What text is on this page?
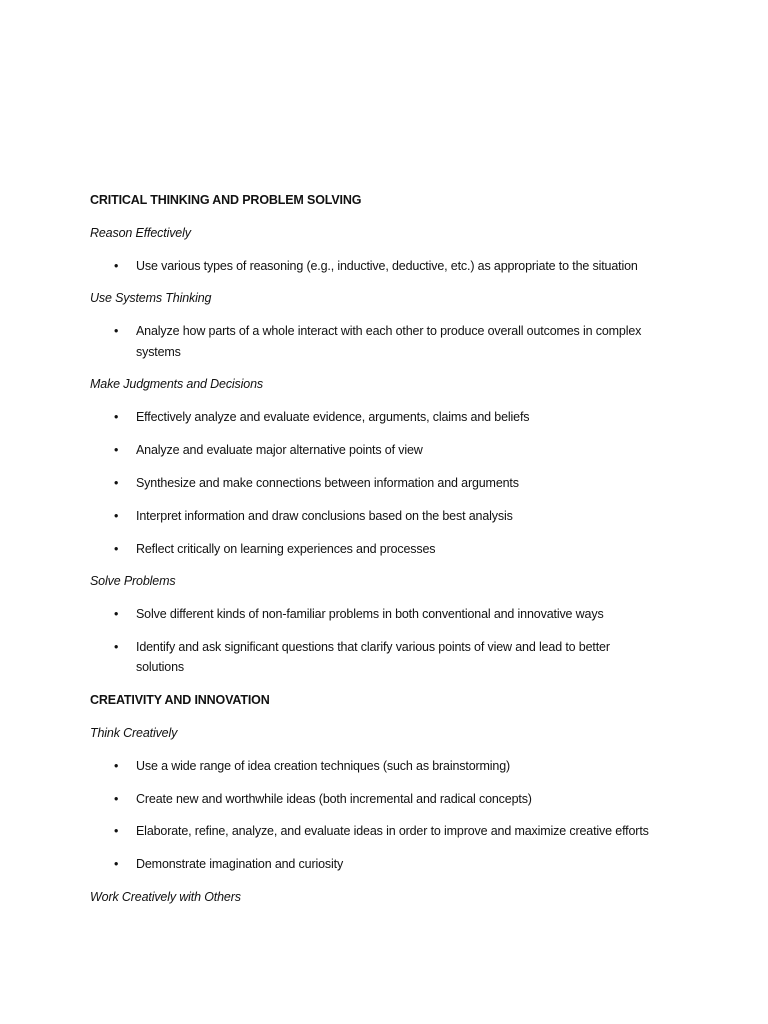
CRITICAL THINKING AND PROBLEM SOLVING
Reason Effectively
•	Use various types of reasoning (e.g., inductive, deductive, etc.) as appropriate to the situation
Use Systems Thinking
•	Analyze how parts of a whole interact with each other to produce overall outcomes in complex
systems
Make Judgments and Decisions
•	Effectively analyze and evaluate evidence, arguments, claims and beliefs
•	Analyze and evaluate major alternative points of view
•	Synthesize and make connections between information and arguments
•	Interpret information and draw conclusions based on the best analysis
•	Reflect critically on learning experiences and processes
Solve Problems
•	Solve different kinds of non-familiar problems in both conventional and innovative ways
•	Identify and ask significant questions that clarify various points of view and lead to better
solutions
CREATIVITY AND INNOVATION
Think Creatively
•	Use a wide range of idea creation techniques (such as brainstorming)
•	Create new and worthwhile ideas (both incremental and radical concepts)
•	Elaborate, refine, analyze, and evaluate ideas in order to improve and maximize creative efforts
•	Demonstrate imagination and curiosity
Work Creatively with Others
